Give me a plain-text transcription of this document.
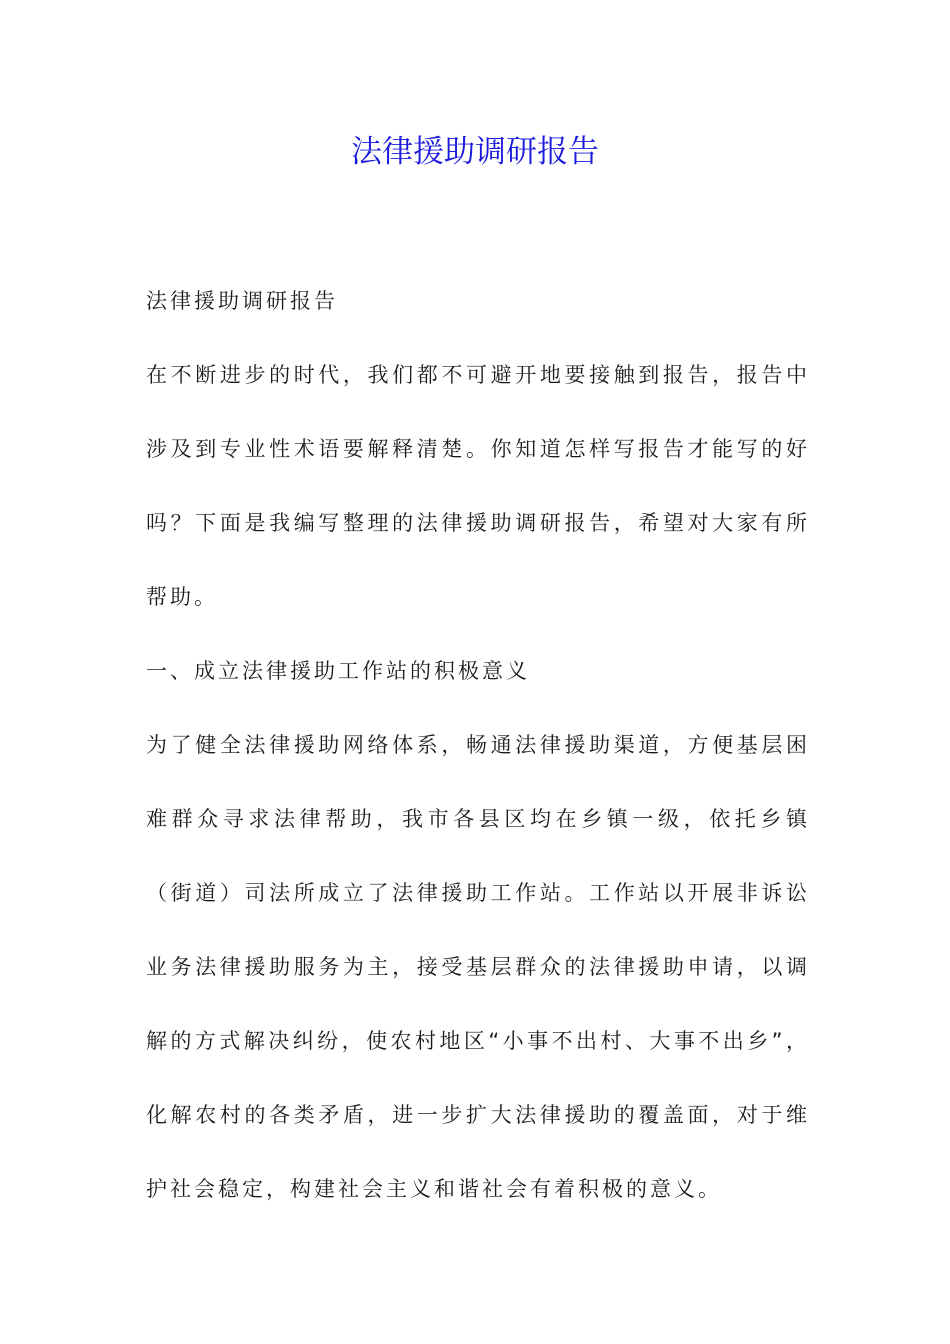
法律援助调研报告

法律援助调研报告

在不断进步的时代，我们都不可避开地要接触到报告，报告中涉及到专业性术语要解释清楚。你知道怎样写报告才能写的好吗？下面是我编写整理的法律援助调研报告，希望对大家有所帮助。

一、成立法律援助工作站的积极意义

为了健全法律援助网络体系，畅通法律援助渠道，方便基层困难群众寻求法律帮助，我市各县区均在乡镇一级，依托乡镇（街道）司法所成立了法律援助工作站。工作站以开展非诉讼业务法律援助服务为主，接受基层群众的法律援助申请，以调解的方式解决纠纷，使农村地区“小事不出村、大事不出乡”，化解农村的各类矛盾，进一步扩大法律援助的覆盖面，对于维护社会稳定，构建社会主义和谐社会有着积极的意义。
